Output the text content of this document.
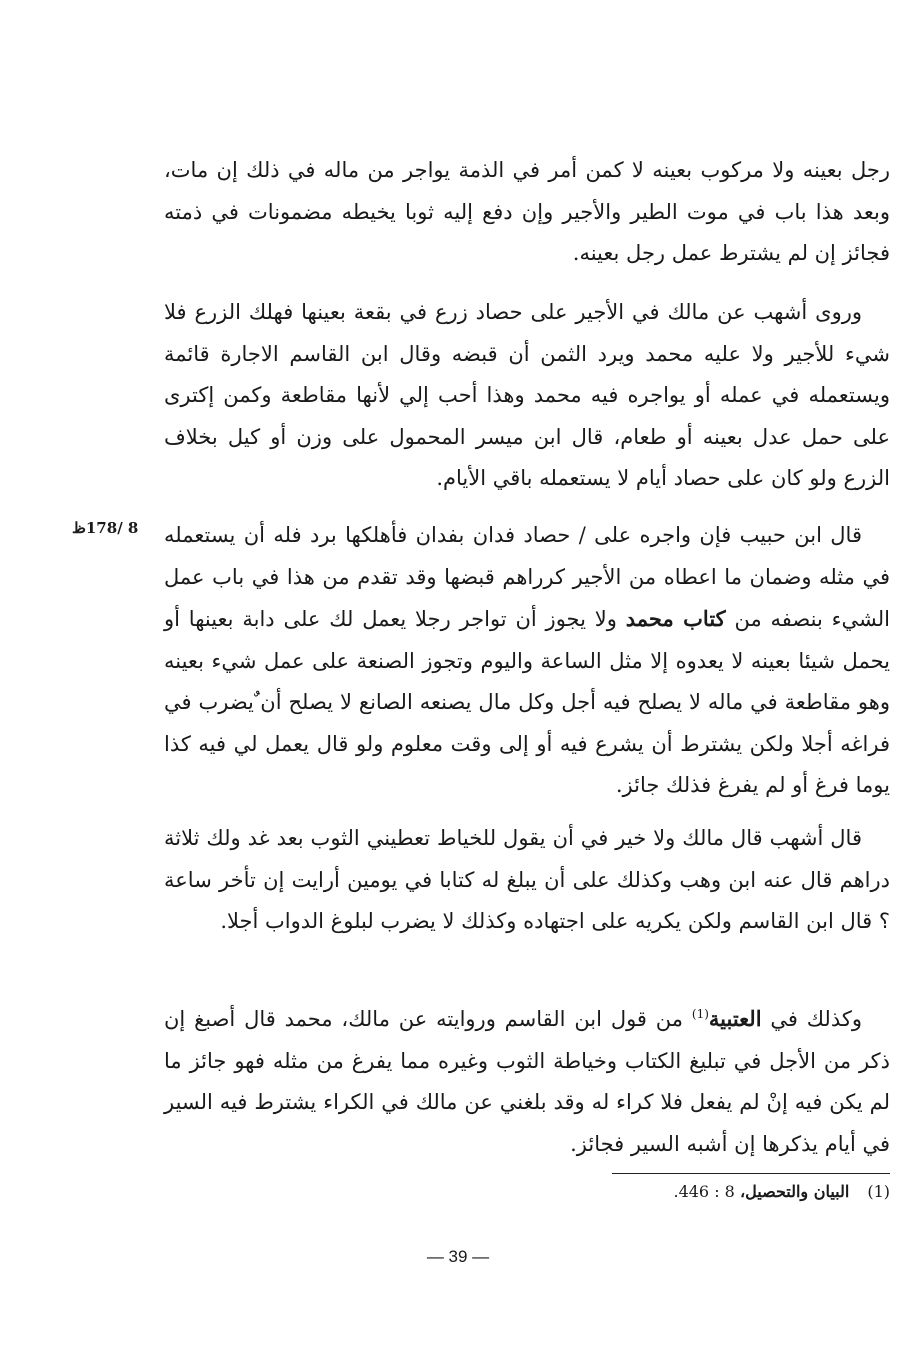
رجل بعينه ولا مركوب بعينه لا كمن أمر في الذمة يواجر من ماله في ذلك إن مات، وبعد هذا باب في موت الطير والأجير وإن دفع إليه ثوبا يخيطه مضمونات في ذمته فجائز إن لم يشترط عمل رجل بعينه.

وروى أشهب عن مالك في الأجير على حصاد زرع في بقعة بعينها فهلك الزرع فلا شيء للأجير ولا عليه محمد ويرد الثمن أن قبضه وقال ابن القاسم الاجارة قائمة ويستعمله في عمله أو يواجره فيه محمد وهذا أحب إلي لأنها مقاطعة وكمن إكترى على حمل عدل بعينه أو طعام، قال ابن ميسر المحمول على وزن أو كيل بخلاف الزرع ولو كان على حصاد أيام لا يستعمله باقي الأيام.

قال ابن حبيب فإن واجره على / حصاد فدان بفدان فأهلكها برد فله أن يستعمله في مثله وضمان ما اعطاه من الأجير كرراهم قبضها وقد تقدم من هذا في باب عمل الشيء بنصفه من كتاب محمد ولا يجوز أن تواجر رجلا يعمل لك على دابة بعينها أو يحمل شيئا بعينه لا يعدوه إلا مثل الساعة واليوم وتجوز الصنعة على عمل شيء بعينه وهو مقاطعة في ماله لا يصلح فيه أجل وكل مال يصنعه الصانع لا يصلح أن ٌيضرب في فراغه أجلا ولكن يشترط أن يشرع فيه أو إلى وقت معلوم ولو قال يعمل لي فيه كذا يوما فرغ أو لم يفرغ فذلك جائز.

8 /178ظ

قال أشهب قال مالك ولا خير في أن يقول للخياط تعطيني الثوب بعد غد ولك ثلاثة دراهم قال عنه ابن وهب وكذلك على أن يبلغ له كتابا في يومين أرايت إن تأخر ساعة ؟ قال ابن القاسم ولكن يكريه على اجتهاده وكذلك لا يضرب لبلوغ الدواب أجلا.

وكذلك في العتبية$^{(1)}$ من قول ابن القاسم وروايته عن مالك، محمد قال أصبغ إن ذكر من الأجل في تبليغ الكتاب وخياطة الثوب وغيره مما يفرغ من مثله فهو جائز ما لم يكن فيه إنْ لم يفعل فلا كراء له وقد بلغني عن مالك في الكراء يشترط فيه السير في أيام يذكرها إن أشبه السير فجائز.

(1)البيان والتحصيل، 8 : 446.
— 39 —
